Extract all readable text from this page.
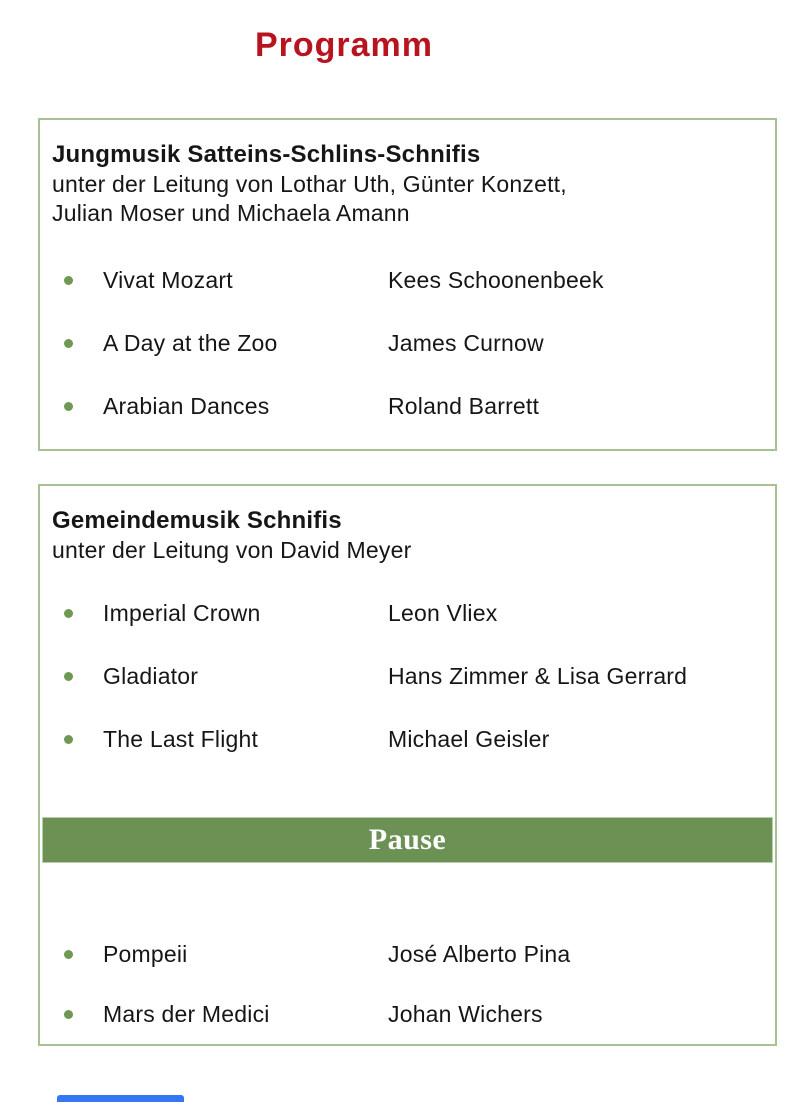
Programm
Jungmusik Satteins-Schlins-Schnifis
unter der Leitung von Lothar Uth, Günter Konzett,
Julian Moser und Michaela Amann
Vivat Mozart	Kees Schoonenbeek
A Day at the Zoo	James Curnow
Arabian Dances	Roland Barrett
Gemeindemusik Schnifis
unter der Leitung von David Meyer
Imperial Crown	Leon Vliex
Gladiator	Hans Zimmer & Lisa Gerrard
The Last Flight	Michael Geisler
Pause
Pompeii	José Alberto Pina
Mars der Medici	Johan Wichers
